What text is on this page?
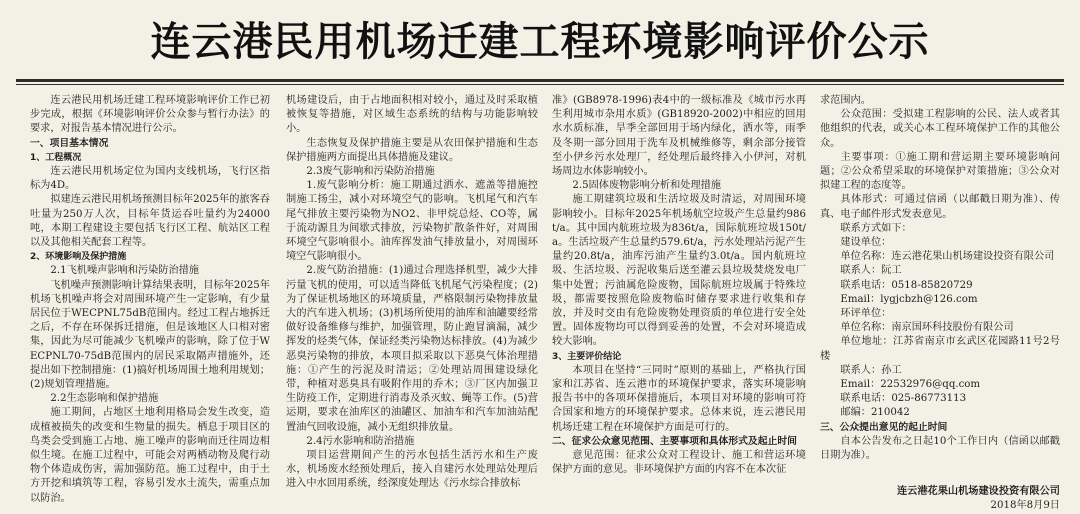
连云港民用机场迁建工程环境影响评价公示

连云港民用机场迁建工程环境影响评价工作已初步完成，根据《环境影响评价公众参与暂行办法》的要求，对报告基本情况进行公示。

一、项目基本情况

1、工程概况

连云港民用机场定位为国内支线机场，飞行区指标为4D。

拟建连云港民用机场预测目标年2025年的旅客吞吐量为250万人次，目标年货运吞吐量约为24000吨，本期工程建设主要包括飞行区工程、航站区工程以及其他相关配套工程等。

2、环境影响及保护措施

2.1飞机噪声影响和污染防治措施

飞机噪声预测影响计算结果表明，目标年2025年机场飞机噪声将会对周围环境产生一定影响，有少量居民位于WECPNL75dB范围内。经过工程占地拆迁之后，不存在环保拆迁措施，但是该地区人口相对密集，因此为尽可能减少飞机噪声的影响，除了位于WECPNL70-75dB范围内的居民采取隔声措施外，还提出如下控制措施：(1)搞好机场周围土地利用规划；(2)规划管理措施。

2.2生态影响和保护措施

施工期间，占地区土地利用格局会发生改变，造成植被损失的改变和生物量的损失。栖息于项目区的鸟类会受到施工占地、施工噪声的影响而迁往周边相似生境。在施工过程中，可能会对两栖动物及爬行动物个体造成伤害，需加强防范。施工过程中，由于土方开挖和填筑等工程，容易引发水土流失，需重点加以防治。

机场建设后，由于占地面积相对较小，通过及时采取植被恢复等措施，对区域生态系统的结构与功能影响较小。

生态恢复及保护措施主要是从农田保护措施和生态保护措施两方面提出具体措施及建议。

2.3废气影响和污染防治措施

1.废气影响分析：施工期通过洒水、遮盖等措施控制施工扬尘，减小对环境空气的影响。飞机尾气和汽车尾气排放主要污染物为NO2、非甲烷总烃、CO等，属于流动源且为间歇式排放，污染物扩散条件好，对周围环境空气影响很小。油库挥发油气排放量小，对周围环境空气影响很小。

2.废气防治措施：(1)通过合理选择机型，减少大排污量飞机的使用，可以适当降低飞机尾气污染程度；(2)为了保证机场地区的环境质量，严格限制污染物排放量大的汽车进入机场；(3)机场所使用的油库和油罐要经常做好设备维修与维护，加强管理，防止跑冒滴漏，减少挥发的烃类气体，保证经类污染物达标排放。(4)为减少恶臭污染物的排放，本项目拟采取以下恶臭气体治理措施：①产生的污泥及时清运；②处理站周围建设绿化带，种植对恶臭具有吸附作用的乔木；③厂区内加强卫生防疫工作，定期进行消毒及杀灭蚊、蝇等工作。(5)营运期，要求在油库区的油罐区、加油车和汽车加油站配置油气回收设施，减小无组织排放量。

2.4污水影响和防治措施

项目运营期间产生的污水包括生活污水和生产废水，机场废水经预处理后，接入自建污水处理站处理后进入中水回用系统，经深度处理达《污水综合排放标

准》(GB8978-1996)表4中的一级标准及《城市污水再生利用城市杂用水质》(GB18920-2002)中相应的回用水水质标准，旱季全部回用于场内绿化，洒水等，雨季及冬期一部分回用于洗车及机械维修等，剩余部分接管至小伊乡污水处理厂，经处理后最终排入小伊河，对机场周边水体影响较小。

2.5固体废物影响分析和处理措施

施工期建筑垃圾和生活垃圾及时清运，对周围环境影响较小。目标年2025年机场航空垃圾产生总量约986t/a。其中国内航班垃圾为836t/a，国际航班垃圾150t/a。生活垃圾产生总量约579.6t/a，污水处理站污泥产生量约20.8t/a，油库污油产生量约3.0t/a。国内航班垃圾、生活垃圾、污泥收集后送至灌云县垃圾焚烧发电厂集中处置；污油属危险废物，国际航班垃圾属于特殊垃圾，都需要按照危险废物临时储存要求进行收集和存放，并及时交由有危险废物处理资质的单位进行安全处置。固体废物均可以得到妥善的处置，不会对环境造成较大影响。

3、主要评价结论

本项目在坚持“三同时”原则的基础上，严格执行国家和江苏省、连云港市的环境保护要求，落实环境影响报告书中的各项环保措施后，本项目对环境的影响可符合国家和地方的环境保护要求。总体来说，连云港民用机场迁建工程在环境保护方面是可行的。

二、征求公众意见范围、主要事项和具体形式及起止时间

意见范围：征求公众对工程设计、施工和营运环境保护方面的意见。非环境保护方面的内容不在本次征

求范围内。

公众范围：受拟建工程影响的公民、法人或者其他组织的代表，或关心本工程环境保护工作的其他公众。

主要事项：①施工期和营运期主要环境影响问题；②公众希望采取的环境保护对策措施；③公众对拟建工程的态度等。

具体形式：可通过信函（以邮戳日期为准）、传真、电子邮件形式发表意见。

联系方式如下：

建设单位：

单位名称：连云港花果山机场建设投资有限公司

联系人：阮工

联系电话：0518-85820729

Email：lygjcbzh@126.com

环评单位：

单位名称：南京国环科技股份有限公司

单位地址：江苏省南京市玄武区花园路11号2号楼

联系人：孙工

Email：22532976@qq.com

联系电话：025-86773113

邮编：210042

三、公众提出意见的起止时间

自本公告发布之日起10个工作日内（信函以邮戳日期为准）。

连云港花果山机场建设投资有限公司

2018年8月9日
